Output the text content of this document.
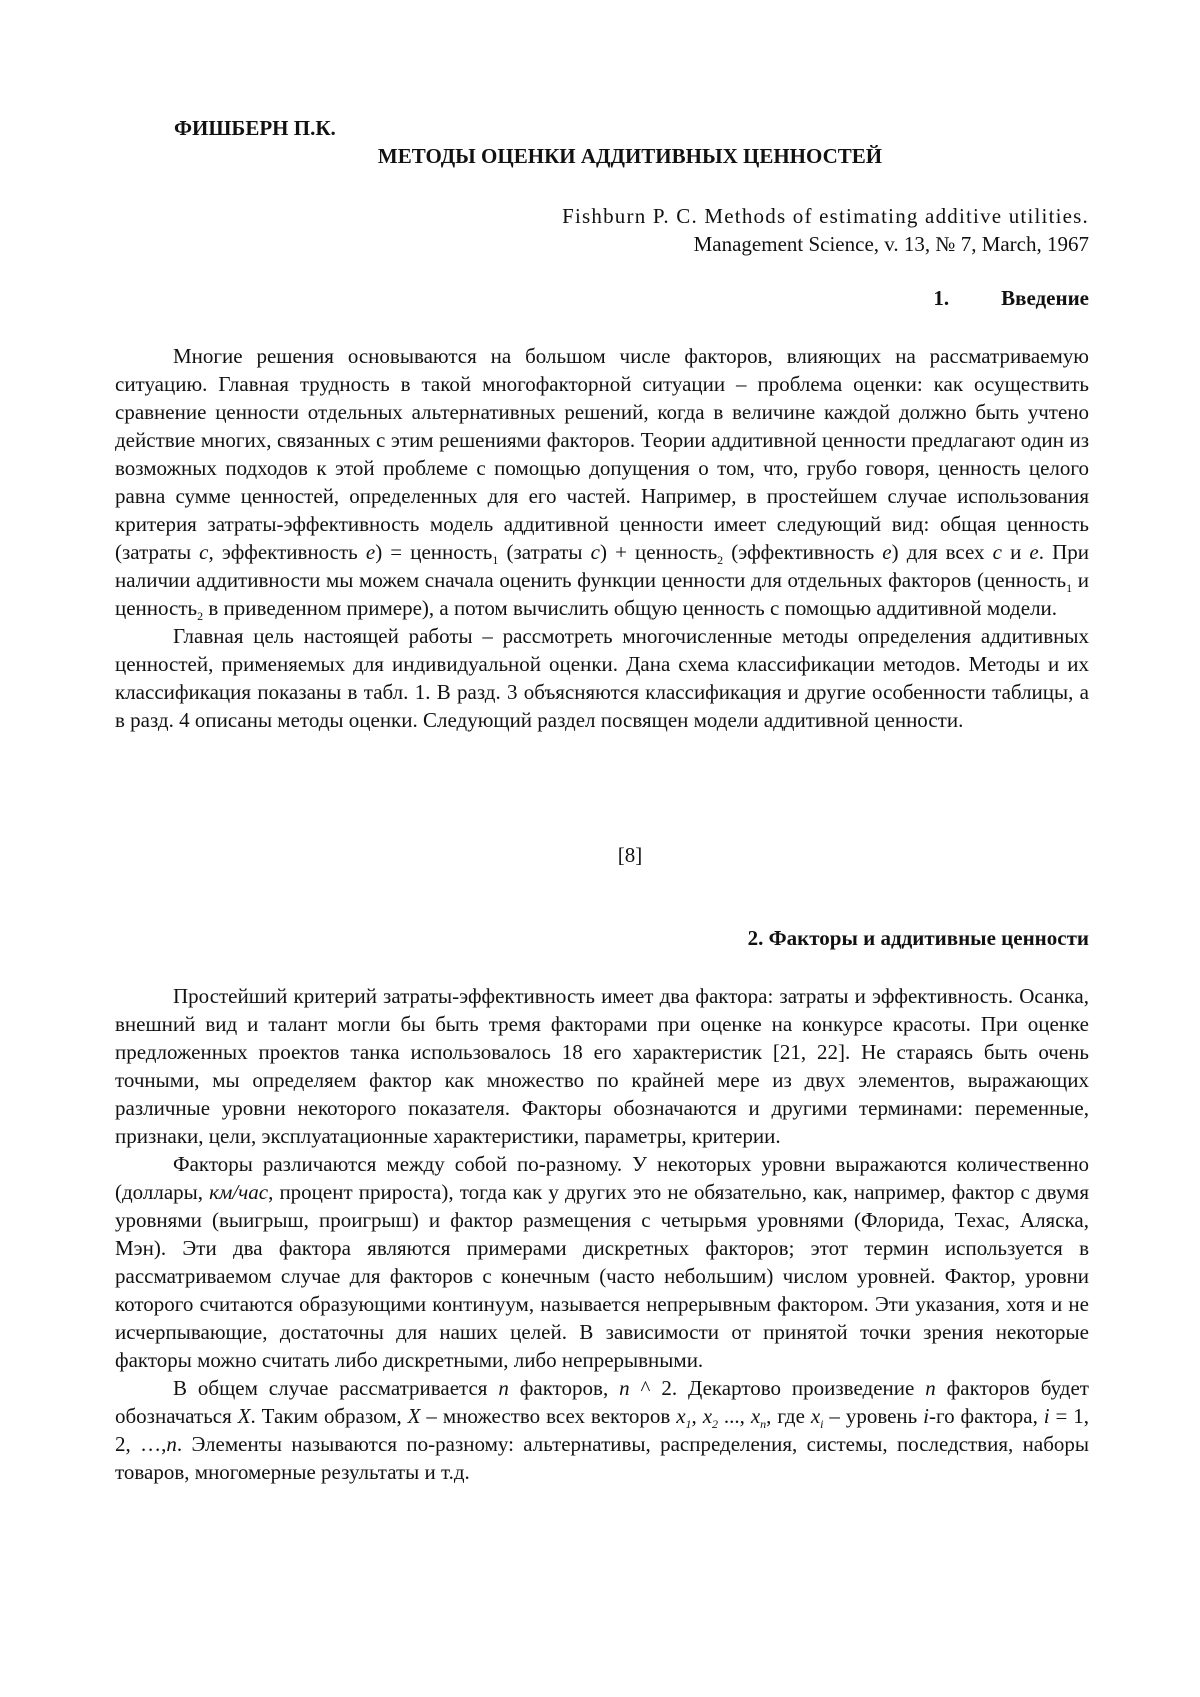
ФИШБЕРН П.К.
МЕТОДЫ ОЦЕНКИ АДДИТИВНЫХ ЦЕННОСТЕЙ
Fishburn P. C. Methods of estimating additive utilities.
Management Science, v. 13, № 7, March, 1967
1. Введение

Многие решения основываются на большом числе факторов, влияющих на рассматриваемую ситуацию. Главная трудность в такой многофакторной ситуации – проблема оценки: как осуществить сравнение ценности отдельных альтернативных решений, когда в величине каждой должно быть учтено действие многих, связанных с этим решениями факторов. Теории аддитивной ценности предлагают один из возможных подходов к этой проблеме с помощью допущения о том, что, грубо говоря, ценность целого равна сумме ценностей, определенных для его частей. Например, в простейшем случае использования критерия затраты-эффективность модель аддитивной ценности имеет следующий вид: общая ценность (затраты c, эффективность e) = ценность$_1$ (затраты c) + ценность$_2$ (эффективность e) для всех c и e. При наличии аддитивности мы можем сначала оценить функции ценности для отдельных факторов (ценность$_1$ и ценность$_2$ в приведенном примере), а потом вычислить общую ценность с помощью аддитивной модели.

Главная цель настоящей работы – рассмотреть многочисленные методы определения аддитивных ценностей, применяемых для индивидуальной оценки. Дана схема классификации методов. Методы и их классификация показаны в табл. 1. В разд. 3 объясняются классификация и другие особенности таблицы, а в разд. 4 описаны методы оценки. Следующий раздел посвящен модели аддитивной ценности.

[8]
2. Факторы и аддитивные ценности

Простейший критерий затраты-эффективность имеет два фактора: затраты и эффективность. Осанка, внешний вид и талант могли бы быть тремя факторами при оценке на конкурсе красоты. При оценке предложенных проектов танка использовалось 18 его характеристик [21, 22]. Не стараясь быть очень точными, мы определяем фактор как множество по крайней мере из двух элементов, выражающих различные уровни некоторого показателя. Факторы обозначаются и другими терминами: переменные, признаки, цели, эксплуатационные характеристики, параметры, критерии.

Факторы различаются между собой по-разному. У некоторых уровни выражаются количественно (доллары, км/час, процент прироста), тогда как у других это не обязательно, как, например, фактор с двумя уровнями (выигрыш, проигрыш) и фактор размещения с четырьмя уровнями (Флорида, Техас, Аляска, Мэн). Эти два фактора являются примерами дискретных факторов; этот термин используется в рассматриваемом случае для факторов с конечным (часто небольшим) числом уровней. Фактор, уровни которого считаются образующими континуум, называется непрерывным фактором. Эти указания, хотя и не исчерпывающие, достаточны для наших целей. В зависимости от принятой точки зрения некоторые факторы можно считать либо дискретными, либо непрерывными.

В общем случае рассматривается n факторов, n ^ 2. Декартово произведение n факторов будет обозначаться X. Таким образом, X – множество всех векторов $x_1$, $x_2$ ..., $x_n$, где $x_i$ – уровень i-го фактора, i = 1, 2, …,n. Элементы называются по-разному: альтернативы, распределения, системы, последствия, наборы товаров, многомерные результаты и т.д.
